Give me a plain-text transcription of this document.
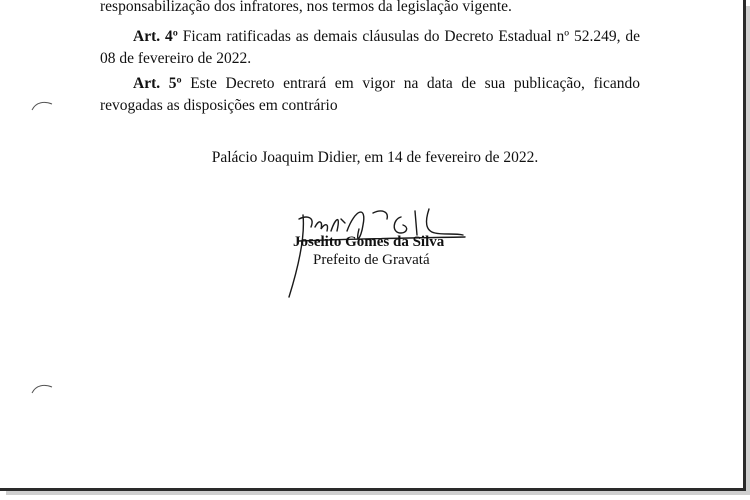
responsabilização dos infratores, nos termos da legislação vigente.
Art. 4º Ficam ratificadas as demais cláusulas do Decreto Estadual nº 52.249, de 08 de fevereiro de 2022.
Art. 5º Este Decreto entrará em vigor na data de sua publicação, ficando revogadas as disposições em contrário
Palácio Joaquim Didier, em 14 de fevereiro de 2022.
Joselito Gomes da Silva
Prefeito de Gravatá
